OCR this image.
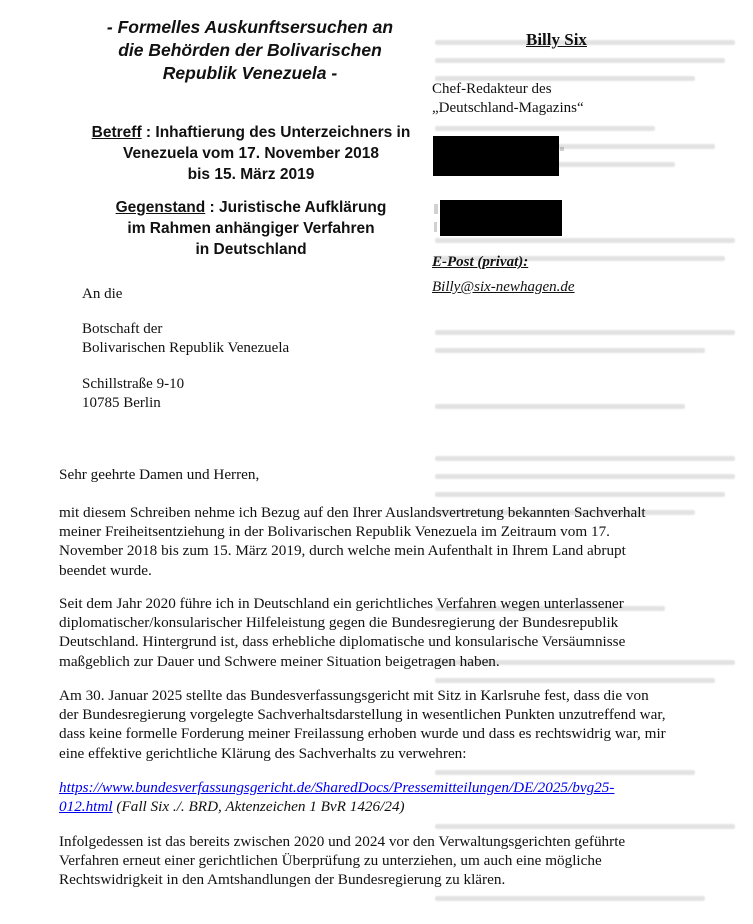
- Formelles Auskunftsersuchen an
die Behörden der Bolivarischen
Republik Venezuela -
Betreff : Inhaftierung des Unterzeichners in
Venezuela vom 17. November 2018
bis 15. März 2019
Gegenstand : Juristische Aufklärung
im Rahmen anhängiger Verfahren
in Deutschland
Billy Six
Chef-Redakteur des
„Deutschland-Magazins“
E-Post (privat):
Billy@six-newhagen.de
An die
Botschaft der
Bolivarischen Republik Venezuela
Schillstraße 9-10
10785 Berlin
Sehr geehrte Damen und Herren,
mit diesem Schreiben nehme ich Bezug auf den Ihrer Auslandsvertretung bekannten Sachverhalt
meiner Freiheitsentziehung in der Bolivarischen Republik Venezuela im Zeitraum vom 17.
November 2018 bis zum 15. März 2019, durch welche mein Aufenthalt in Ihrem Land abrupt
beendet wurde.
Seit dem Jahr 2020 führe ich in Deutschland ein gerichtliches Verfahren wegen unterlassener
diplomatischer/konsularischer Hilfeleistung gegen die Bundesregierung der Bundesrepublik
Deutschland. Hintergrund ist, dass erhebliche diplomatische und konsularische Versäumnisse
maßgeblich zur Dauer und Schwere meiner Situation beigetragen haben.
Am 30. Januar 2025 stellte das Bundesverfassungsgericht mit Sitz in Karlsruhe fest, dass die von
der Bundesregierung vorgelegte Sachverhaltsdarstellung in wesentlichen Punkten unzutreffend war,
dass keine formelle Forderung meiner Freilassung erhoben wurde und dass es rechtswidrig war, mir
eine effektive gerichtliche Klärung des Sachverhalts zu verwehren:
https://www.bundesverfassungsgericht.de/SharedDocs/Pressemitteilungen/DE/2025/bvg25-
012.html (Fall Six ./. BRD, Aktenzeichen 1 BvR 1426/24)
Infolgedessen ist das bereits zwischen 2020 und 2024 vor den Verwaltungsgerichten geführte
Verfahren erneut einer gerichtlichen Überprüfung zu unterziehen, um auch eine mögliche
Rechtswidrigkeit in den Amtshandlungen der Bundesregierung zu klären.
